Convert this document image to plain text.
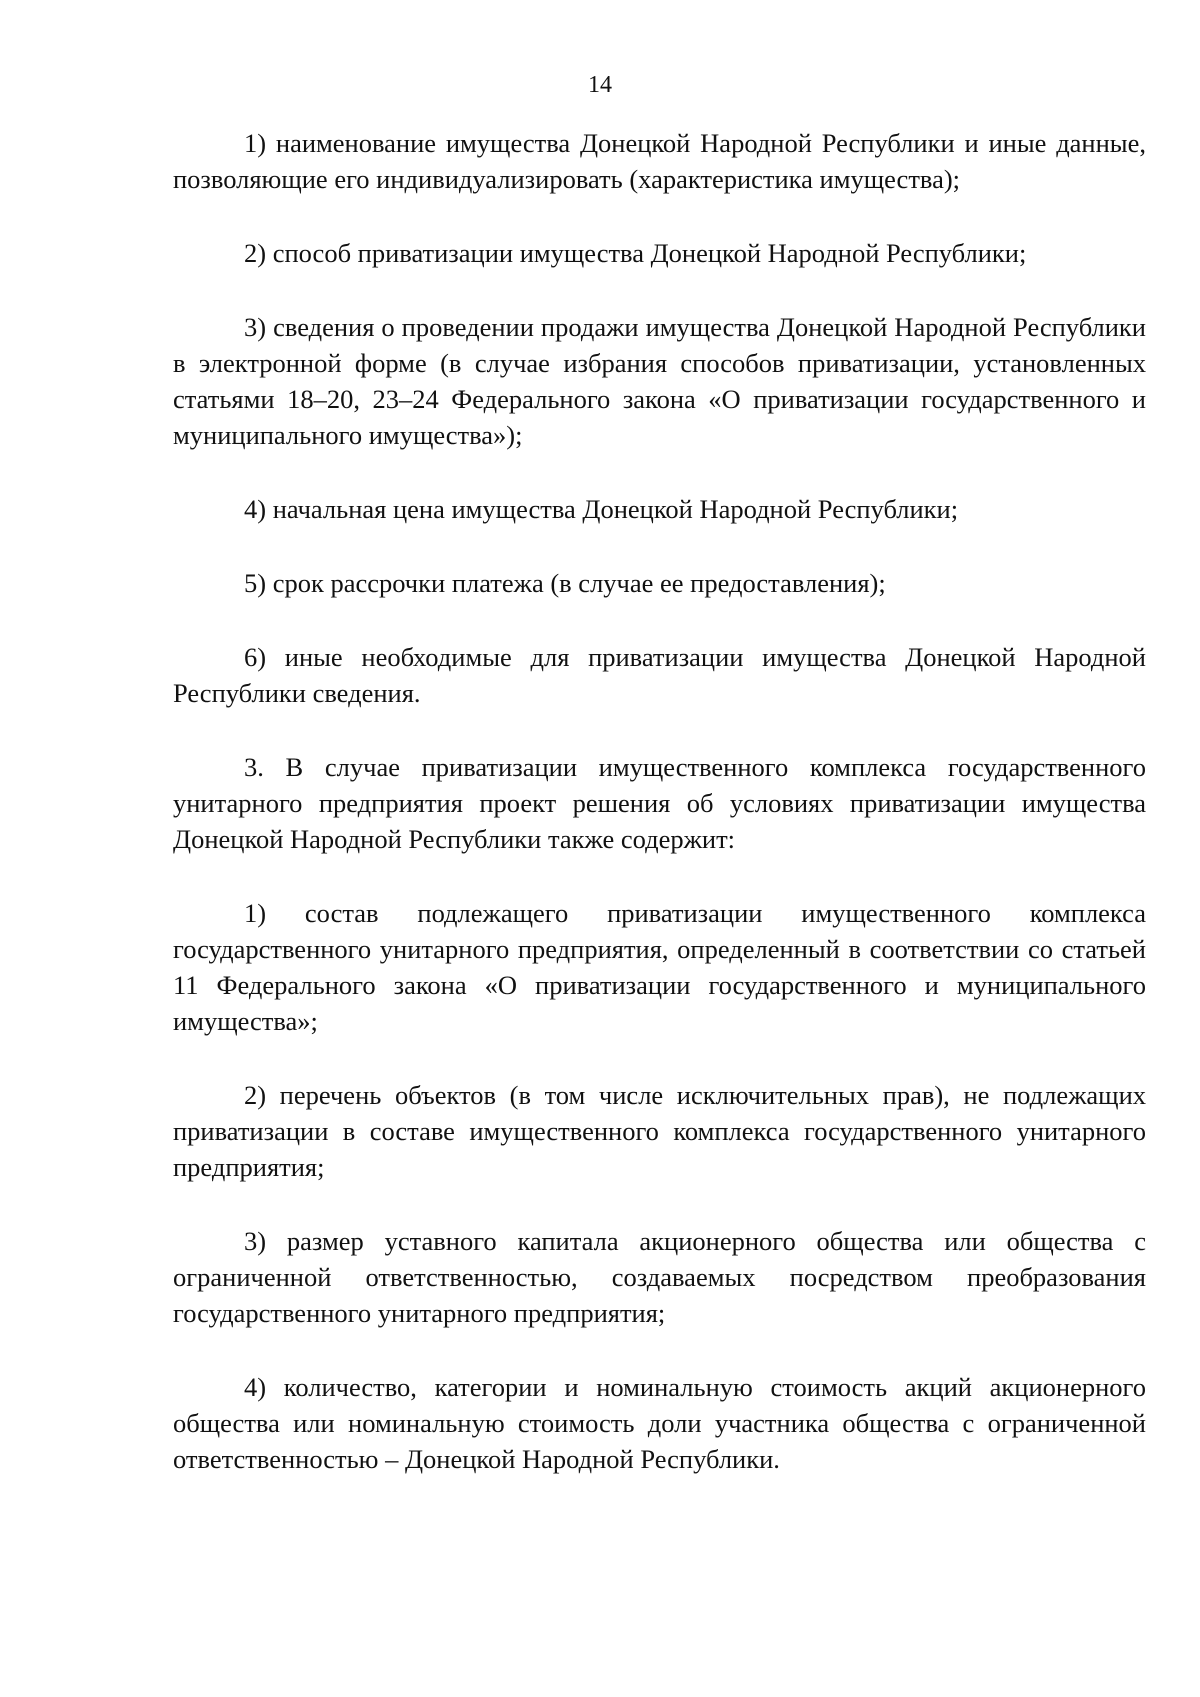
14

1) наименование имущества Донецкой Народной Республики и иные данные, позволяющие его индивидуализировать (характеристика имущества);

2) способ приватизации имущества Донецкой Народной Республики;

3) сведения о проведении продажи имущества Донецкой Народной Республики в электронной форме (в случае избрания способов приватизации, установленных статьями 18–20, 23–24 Федерального закона «О приватизации государственного и муниципального имущества»);

4) начальная цена имущества Донецкой Народной Республики;

5) срок рассрочки платежа (в случае ее предоставления);

6) иные необходимые для приватизации имущества Донецкой Народной Республики сведения.

3. В случае приватизации имущественного комплекса государственного унитарного предприятия проект решения об условиях приватизации имущества Донецкой Народной Республики также содержит:

1) состав подлежащего приватизации имущественного комплекса государственного унитарного предприятия, определенный в соответствии со статьей 11 Федерального закона «О приватизации государственного и муниципального имущества»;

2) перечень объектов (в том числе исключительных прав), не подлежащих приватизации в составе имущественного комплекса государственного унитарного предприятия;

3) размер уставного капитала акционерного общества или общества с ограниченной ответственностью, создаваемых посредством преобразования государственного унитарного предприятия;

4) количество, категории и номинальную стоимость акций акционерного общества или номинальную стоимость доли участника общества с ограниченной ответственностью – Донецкой Народной Республики.
